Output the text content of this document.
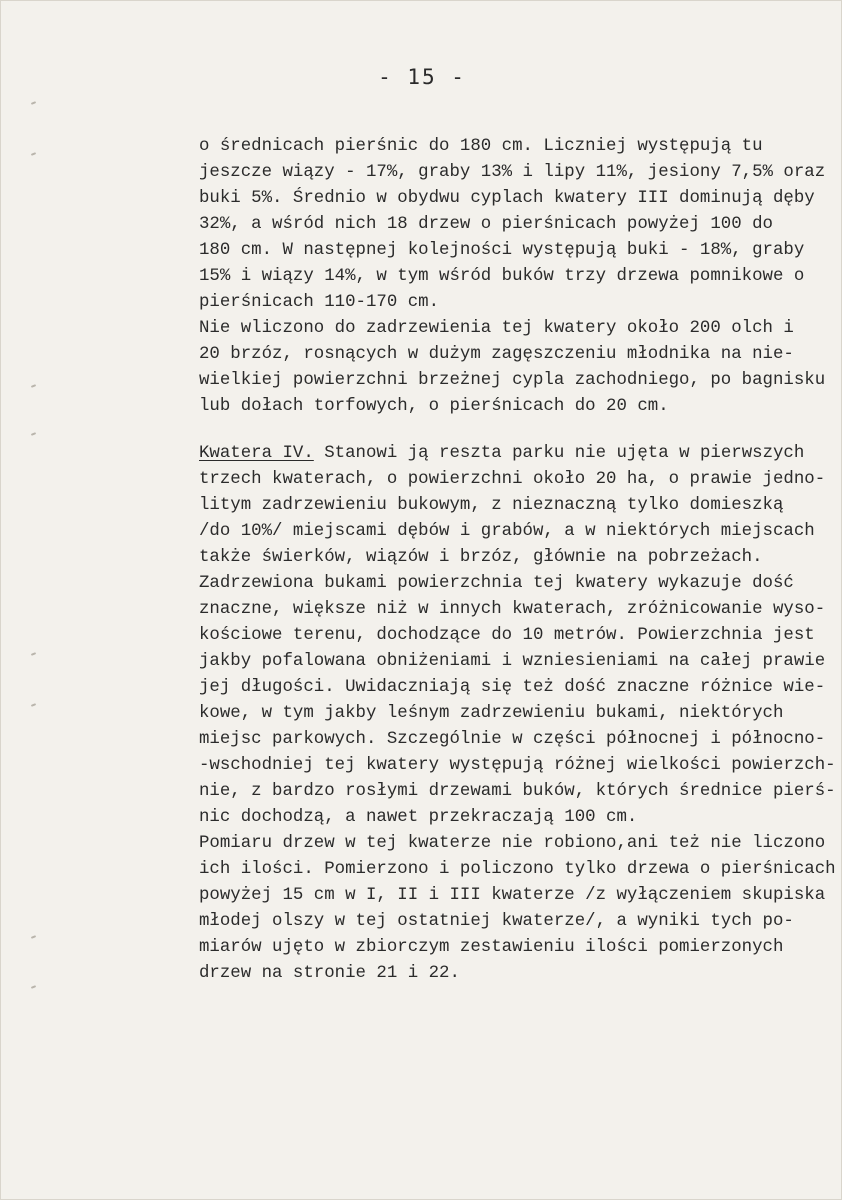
- 15 -
o średnicach pierśnic do 180 cm. Liczniej występują tu
jeszcze wiązy - 17%, graby 13% i lipy 11%, jesiony 7,5% oraz
buki 5%. Średnio w obydwu cyplach kwatery III dominują dęby
32%, a wśród nich 18 drzew o pierśnicach powyżej 100 do
180 cm. W następnej kolejności występują buki - 18%, graby
15% i wiązy 14%, w tym wśród buków trzy drzewa pomnikowe o
pierśnicach 110-170 cm.
Nie wliczono do zadrzewienia tej kwatery około 200 olch i
20 brzóz, rosnących w dużym zagęszczeniu młodnika na nie-
wielkiej powierzchni brzeżnej cypla zachodniego, po bagnisku
lub dołach torfowych, o pierśnicach do 20 cm.
Kwatera IV. Stanowi ją reszta parku nie ujęta w pierwszych
trzech kwaterach, o powierzchni około 20 ha, o prawie jedno-
litym zadrzewieniu bukowym, z nieznaczną tylko domieszką
/do 10%/ miejscami dębów i grabów, a w niektórych miejscach
także świerków, wiązów i brzóz, głównie na pobrzeżach.
Zadrzewiona bukami powierzchnia tej kwatery wykazuje dość
znaczne, większe niż w innych kwaterach, zróżnicowanie wyso-
kościowe terenu, dochodzące do 10 metrów. Powierzchnia jest
jakby pofalowana obniżeniami i wzniesieniami na całej prawie
jej długości. Uwidaczniają się też dość znaczne różnice wie-
kowe, w tym jakby leśnym zadrzewieniu bukami, niektórych
miejsc parkowych. Szczególnie w części północnej i północno-
-wschodniej tej kwatery występują różnej wielkości powierzch-
nie, z bardzo rosłymi drzewami buków, których średnice pierś-
nic dochodzą, a nawet przekraczają 100 cm.
Pomiaru drzew w tej kwaterze nie robiono,ani też nie liczono
ich ilości. Pomierzono i policzono tylko drzewa o pierśnicach
powyżej 15 cm w I, II i III kwaterze /z wyłączeniem skupiska
młodej olszy w tej ostatniej kwaterze/, a wyniki tych po-
miarów ujęto w zbiorczym zestawieniu ilości pomierzonych
drzew na stronie 21 i 22.
